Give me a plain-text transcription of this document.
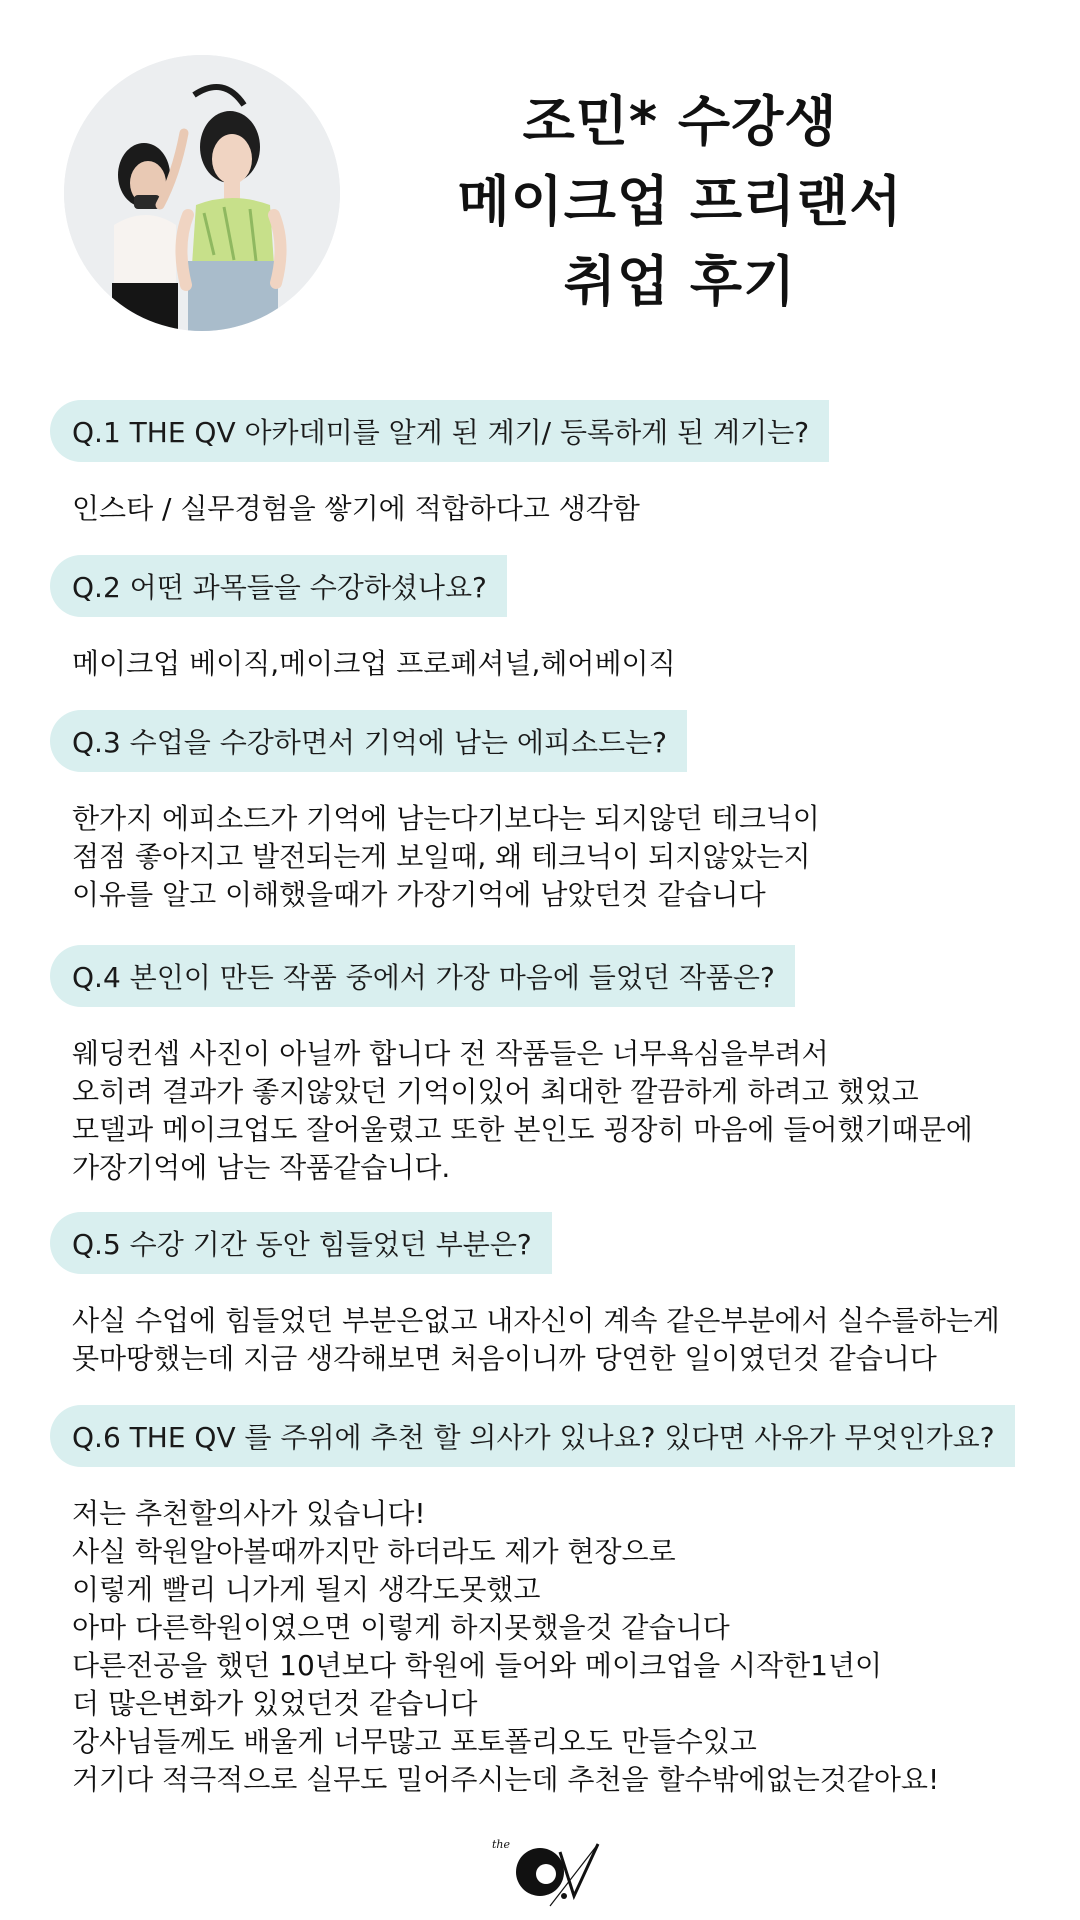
조민* 수강생
메이크업 프리랜서
취업 후기
Q.1 THE QV 아카데미를 알게 된 계기/ 등록하게 된 계기는?
인스타 / 실무경험을 쌓기에 적합하다고 생각함
Q.2 어떤 과목들을 수강하셨나요?
메이크업 베이직,메이크업 프로페셔널,헤어베이직
Q.3 수업을 수강하면서 기억에 남는 에피소드는?
한가지 에피소드가 기억에 남는다기보다는 되지않던 테크닉이
점점 좋아지고 발전되는게 보일때, 왜 테크닉이 되지않았는지
이유를 알고 이해했을때가 가장기억에 남았던것 같습니다
Q.4 본인이 만든 작품 중에서 가장 마음에 들었던 작품은?
웨딩컨셉 사진이 아닐까 합니다 전 작품들은 너무욕심을부려서
오히려 결과가 좋지않았던 기억이있어 최대한 깔끔하게 하려고 했었고
모델과 메이크업도 잘어울렸고 또한 본인도 굉장히 마음에 들어했기때문에
가장기억에 남는 작품같습니다.
Q.5 수강 기간 동안 힘들었던 부분은?
사실 수업에 힘들었던 부분은없고 내자신이 계속 같은부분에서 실수를하는게
못마땅했는데 지금 생각해보면 처음이니까 당연한 일이였던것 같습니다
Q.6 THE QV 를 주위에 추천 할 의사가 있나요? 있다면 사유가 무엇인가요?
저는 추천할의사가 있습니다!
사실 학원알아볼때까지만 하더라도 제가 현장으로
이렇게 빨리 니가게 될지 생각도못했고
아마 다른학원이였으면 이렇게 하지못했을것 같습니다
다른전공을 했던 10년보다 학원에 들어와 메이크업을 시작한1년이
더 많은변화가 있었던것 같습니다
강사님들께도 배울게 너무많고 포토폴리오도 만들수있고
거기다 적극적으로 실무도 밀어주시는데 추천을 할수밖에없는것같아요!
the
